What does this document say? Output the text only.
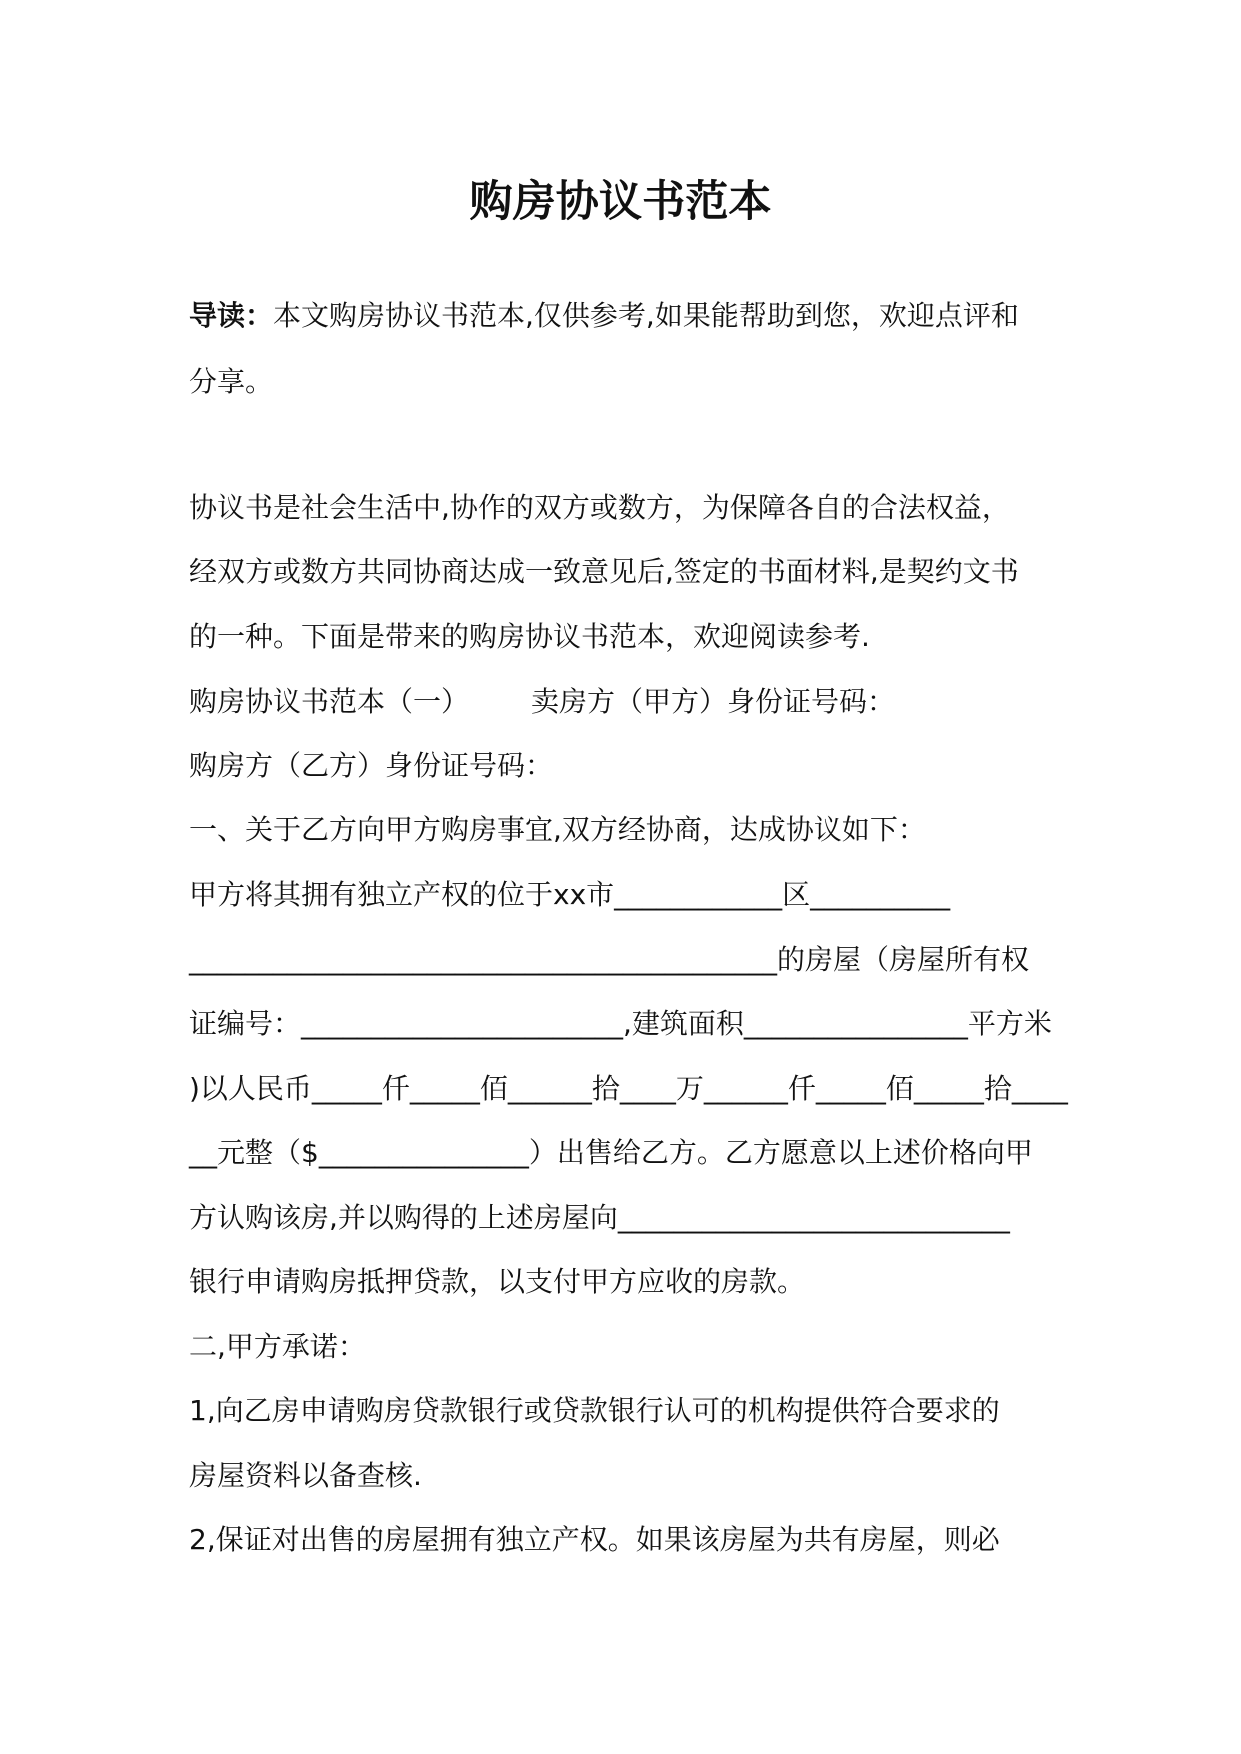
购房协议书范本
导读：本文购房协议书范本,仅供参考,如果能帮助到您，欢迎点评和
分享。
协议书是社会生活中,协作的双方或数方，为保障各自的合法权益，
经双方或数方共同协商达成一致意见后,签定的书面材料,是契约文书
的一种。下面是带来的购房协议书范本，欢迎阅读参考.
购房协议书范本（一） 卖房方（甲方）身份证号码：
购房方（乙方）身份证号码：
一、关于乙方向甲方购房事宜,双方经协商，达成协议如下：
甲方将其拥有独立产权的位于xx市____________区__________
__________________________________________的房屋（房屋所有权
证编号：_______________________,建筑面积________________平方米
)以人民币_____仟_____佰______拾____万______仟_____佰_____拾____
__元整（$_______________）出售给乙方。乙方愿意以上述价格向甲
方认购该房,并以购得的上述房屋向____________________________
银行申请购房抵押贷款，以支付甲方应收的房款。
二,甲方承诺：
1,向乙房申请购房贷款银行或贷款银行认可的机构提供符合要求的
房屋资料以备查核.
2,保证对出售的房屋拥有独立产权。如果该房屋为共有房屋，则必
